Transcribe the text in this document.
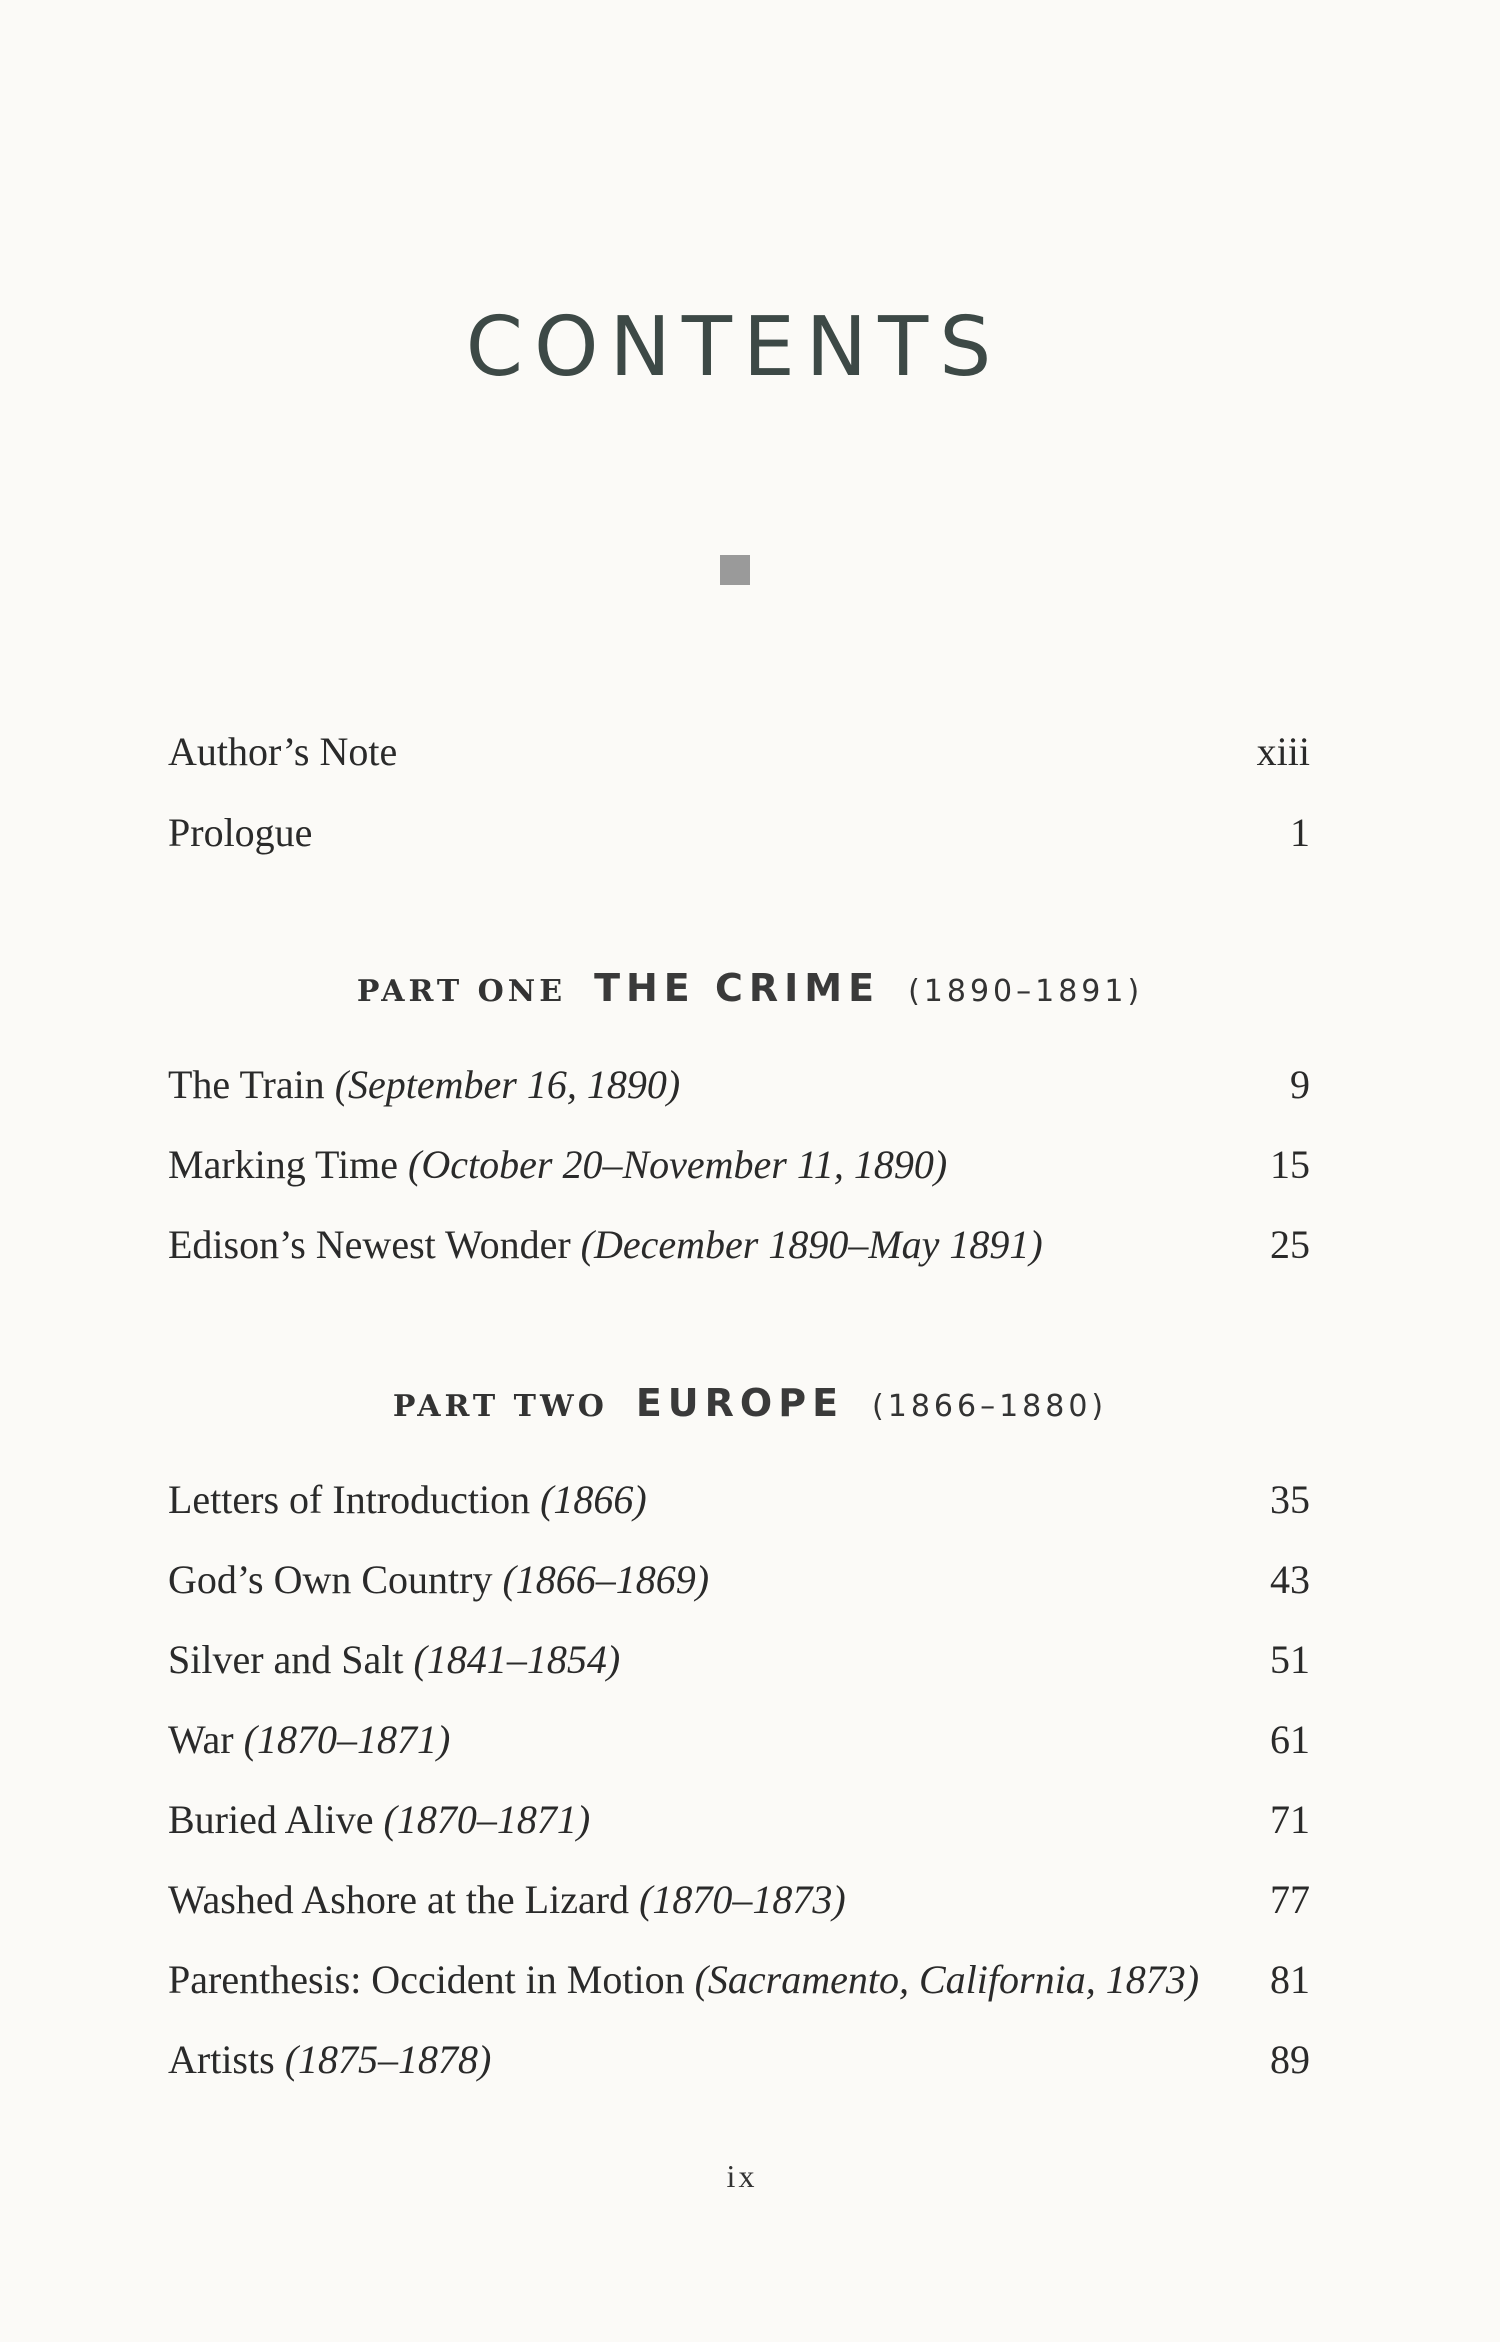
CONTENTS
Author’s Note	xiii
Prologue	1
PART ONE THE CRIME (1890–1891)
The Train (September 16, 1890)	9
Marking Time (October 20–November 11, 1890)	15
Edison’s Newest Wonder (December 1890–May 1891)	25
PART TWO EUROPE (1866–1880)
Letters of Introduction (1866)	35
God’s Own Country (1866–1869)	43
Silver and Salt (1841–1854)	51
War (1870–1871)	61
Buried Alive (1870–1871)	71
Washed Ashore at the Lizard (1870–1873)	77
Parenthesis: Occident in Motion (Sacramento, California, 1873) 81
Artists (1875–1878)	89
ix
